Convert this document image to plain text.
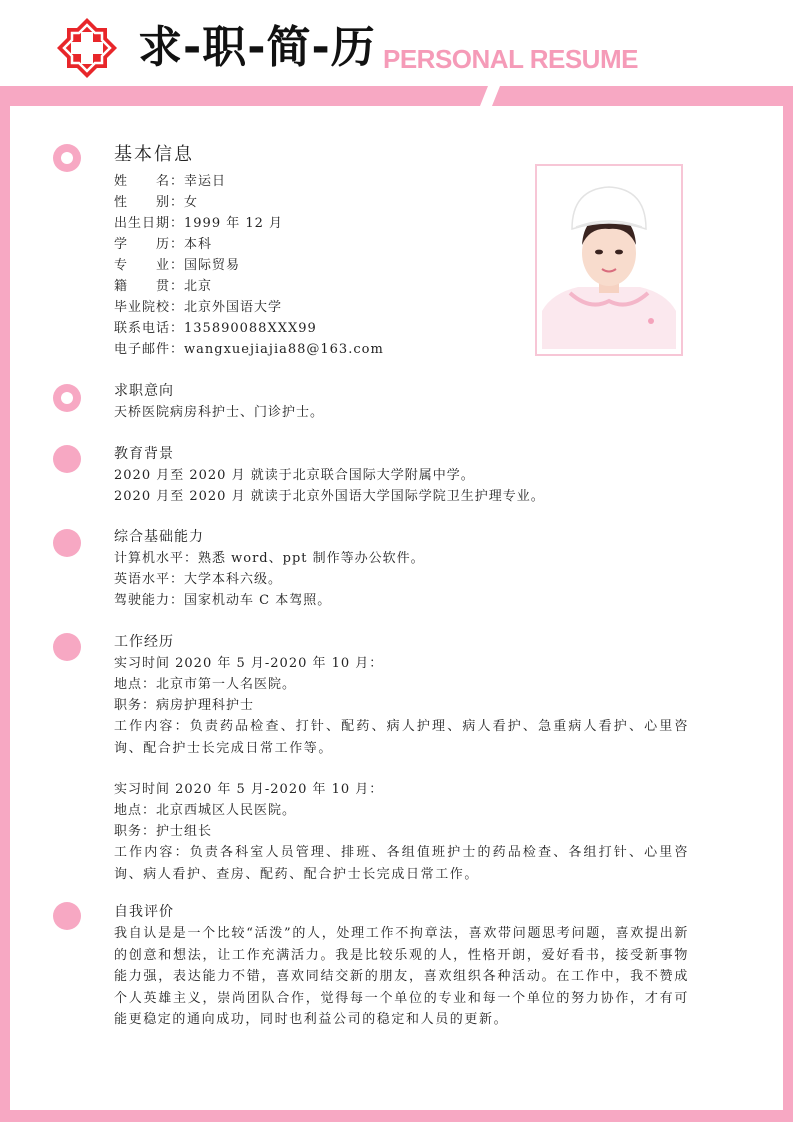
求-职-简-历 PERSONAL RESUME
基本信息
姓　　名：幸运日
性　　别：女
出生日期：1999 年 12 月
学　　历：本科
专　　业：国际贸易
籍　　贯：北京
毕业院校：北京外国语大学
联系电话：135890088XXX99
电子邮件：wangxuejiajia88@163.com
求职意向
天桥医院病房科护士、门诊护士。
教育背景
2020 月至 2020 月 就读于北京联合国际大学附属中学。
2020 月至 2020 月 就读于北京外国语大学国际学院卫生护理专业。
综合基础能力
计算机水平：熟悉 word、ppt 制作等办公软件。
英语水平：大学本科六级。
驾驶能力：国家机动车 C 本驾照。
工作经历
实习时间 2020 年 5 月-2020 年 10 月：
地点：北京市第一人名医院。
职务：病房护理科护士
工作内容：负责药品检查、打针、配药、病人护理、病人看护、急重病人看护、心里咨询、配合护士长完成日常工作等。
实习时间 2020 年 5 月-2020 年 10 月：
地点：北京西城区人民医院。
职务：护士组长
工作内容：负责各科室人员管理、排班、各组值班护士的药品检查、各组打针、心里咨询、病人看护、查房、配药、配合护士长完成日常工作。
自我评价
我自认是是一个比较“活泼”的人，处理工作不拘章法，喜欢带问题思考问题，喜欢提出新的创意和想法，让工作充满活力。我是比较乐观的人，性格开朗，爱好看书，接受新事物能力强，表达能力不错，喜欢同结交新的朋友，喜欢组织各种活动。在工作中，我不赞成个人英雄主义，崇尚团队合作，觉得每一个单位的专业和每一个单位的努力协作，才有可能更稳定的通向成功，同时也利益公司的稳定和人员的更新。
